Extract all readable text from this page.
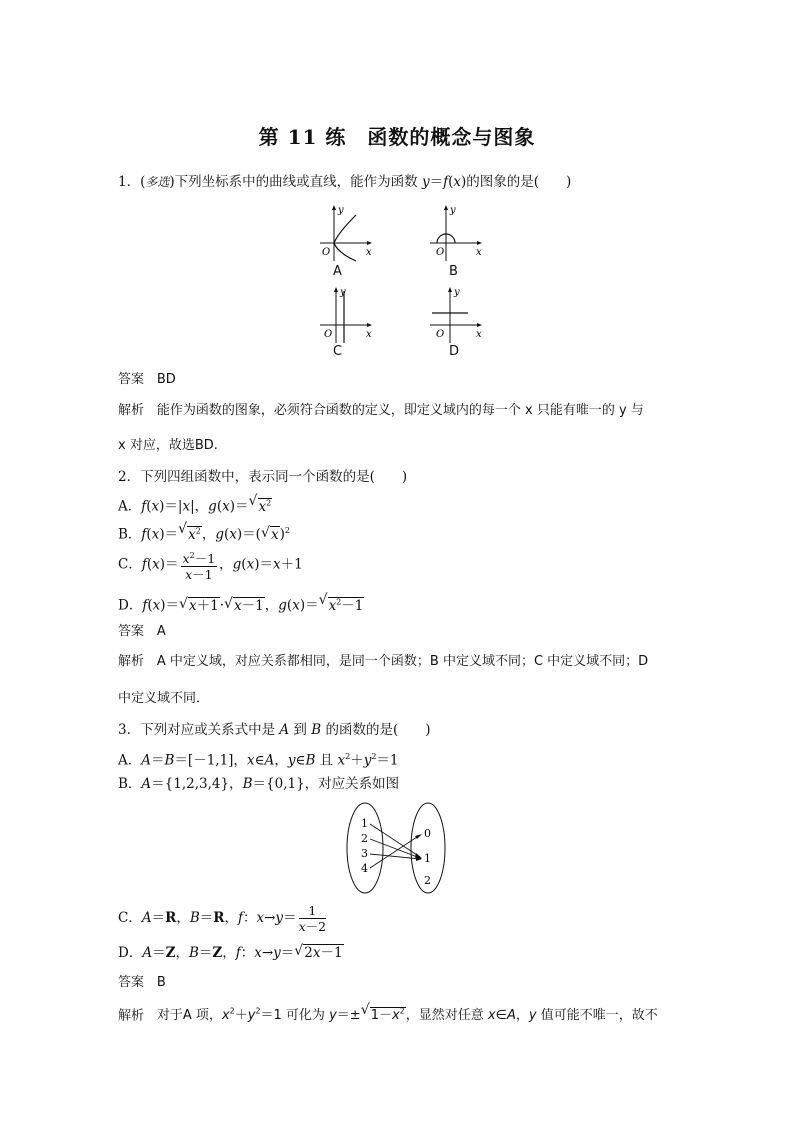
第 11 练　函数的概念与图象
1．(多选)下列坐标系中的曲线或直线，能作为函数 y＝f(x)的图象的是(　　)
y
x
O
A
y
x
O
B
y
x
O
C
y
x
O
D
答案 BD
解析 能作为函数的图象，必须符合函数的定义，即定义域内的每一个 x 只能有唯一的 y 与
x 对应，故选BD.
2．下列四组函数中，表示同一个函数的是(　　)
A．f(x)＝|x|，g(x)＝ √ $x^2$
B．f(x)＝ √ $x^2$，g(x)＝( √ x)$^2$
C．$f(x)= \frac{x^2-1}{x-1}$ ，g(x)＝x＋1
D．f(x)＝ √ x＋1· √ x－1，g(x)＝ √ $x^2-1$
答案 A
解析 A 中定义域，对应关系都相同，是同一个函数；B 中定义域不同；C 中定义域不同；D
中定义域不同．
3．下列对应或关系式中是 A 到 B 的函数的是(　　)
A．A＝B＝[－1,1]，x∈A，y∈B 且 $x^2+y^2=1$
B．A＝{1,2,3,4}，B＝{0,1}，对应关系如图
1
2
3
4
0
1
2
C．A＝R，B＝R，f：$x\to y= \frac{1}{x-2}$
D．A＝Z，B＝Z，f：x→y＝ √ 2x－1
答案 B
解析 对于A 项，$x^2+y^2=1$ 可化为 y＝± √ $1-x^2$，显然对任意 x∈A，y 值可能不唯一，故不
